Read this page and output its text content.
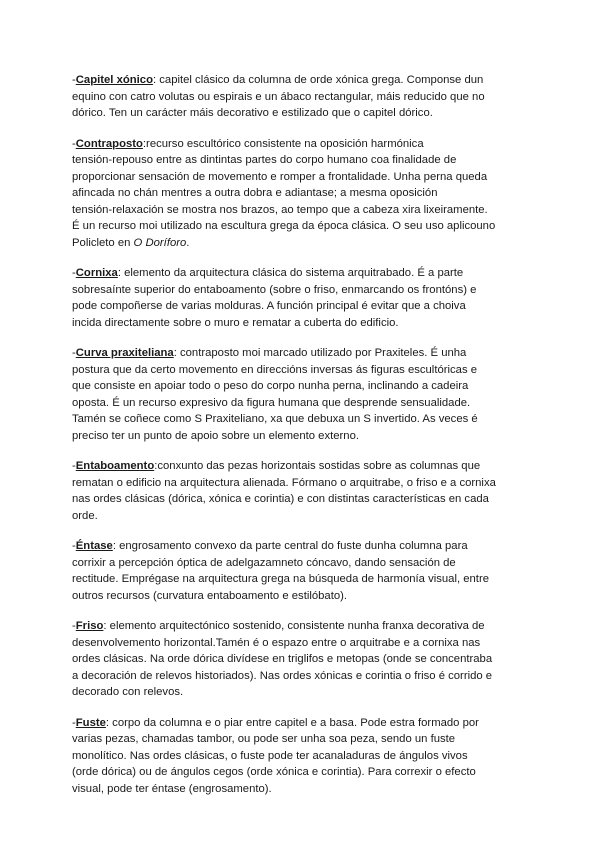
-Capitel xónico: capitel clásico da columna de orde xónica grega. Componse dun
equino con catro volutas ou espirais e un ábaco rectangular, máis reducido que no
dórico. Ten un carácter máis decorativo e estilizado que o capitel dórico.
-Contraposto:recurso escultórico consistente na oposición harmónica
tensión-repouso entre as dintintas partes do corpo humano coa finalidade de
proporcionar sensación de movemento e romper a frontalidade. Unha perna queda
afincada no chán mentres a outra dobra e adiantase; a mesma oposición
tensión-relaxación se mostra nos brazos, ao tempo que a cabeza xira lixeiramente.
É un recurso moi utilizado na escultura grega da época clásica. O seu uso aplicouno
Policleto en O Doríforo.
-Cornixa: elemento da arquitectura clásica do sistema arquitrabado. É a parte
sobresaínte superior do entaboamento (sobre o friso, enmarcando os frontóns) e
pode compoñerse de varias molduras. A función principal é evitar que a choiva
incida directamente sobre o muro e rematar a cuberta do edificio.
-Curva praxiteliana: contraposto moi marcado utilizado por Praxiteles. É unha
postura que da certo movemento en direccións inversas ás figuras escultóricas e
que consiste en apoiar todo o peso do corpo nunha perna, inclinando a cadeira
oposta. É un recurso expresivo da figura humana que desprende sensualidade.
Tamén se coñece como S Praxiteliano, xa que debuxa un S invertido. As veces é
preciso ter un punto de apoio sobre un elemento externo.
-Entaboamento:conxunto das pezas horizontais sostidas sobre as columnas que
rematan o edificio na arquitectura alienada. Fórmano o arquitrabe, o friso e a cornixa
nas ordes clásicas (dórica, xónica e corintia) e con distintas características en cada
orde.
-Éntase: engrosamento convexo da parte central do fuste dunha columna para
corrixir a percepción óptica de adelgazamneto cóncavo, dando sensación de
rectitude. Emprégase na arquitectura grega na búsqueda de harmonía visual, entre
outros recursos (curvatura entaboamento e estilóbato).
-Friso: elemento arquitectónico sostenido, consistente nunha franxa decorativa de
desenvolvemento horizontal.Tamén é o espazo entre o arquitrabe e a cornixa nas
ordes clásicas. Na orde dórica divídese en triglifos e metopas (onde se concentraba
a decoración de relevos historiados). Nas ordes xónicas e corintia o friso é corrido e
decorado con relevos.
-Fuste: corpo da columna e o piar entre capitel e a basa. Pode estra formado por
varias pezas, chamadas tambor, ou pode ser unha soa peza, sendo un fuste
monolítico. Nas ordes clásicas, o fuste pode ter acanaladuras de ángulos vivos
(orde dórica) ou de ángulos cegos (orde xónica e corintia). Para correxir o efecto
visual, pode ter éntase (engrosamento).
